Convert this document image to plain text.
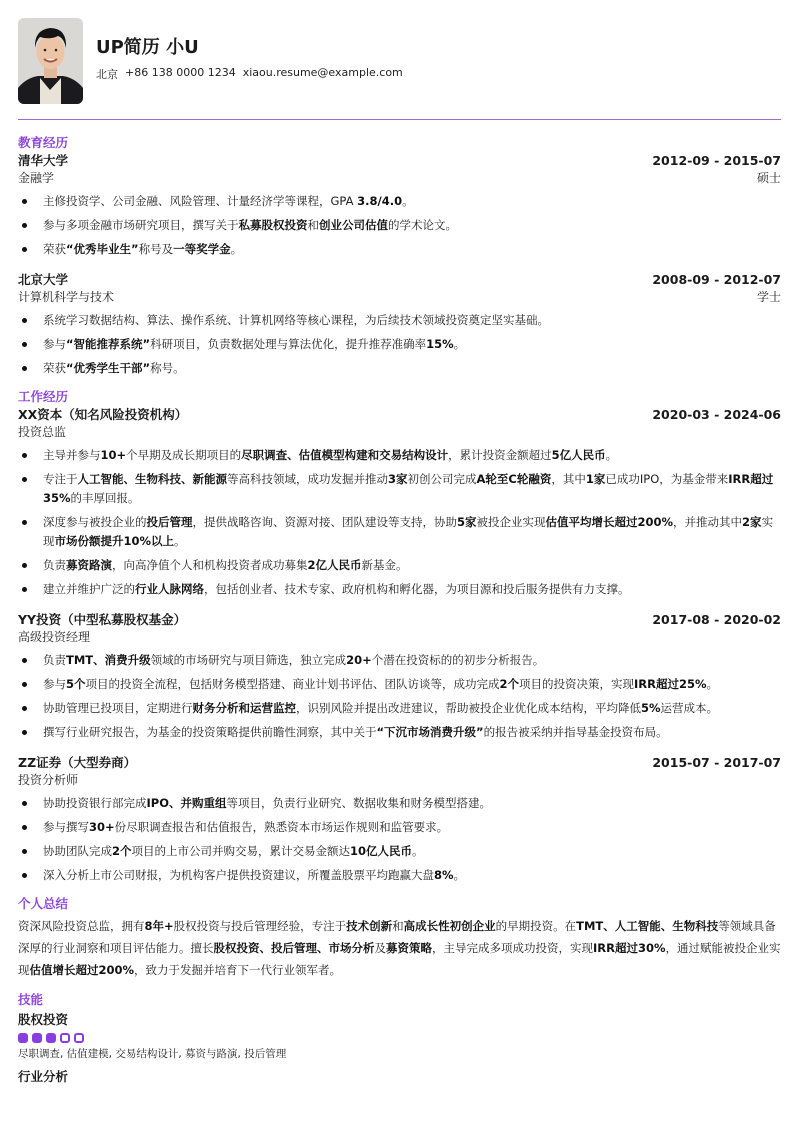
UP简历 小U
北京 +86 138 0000 1234 xiaou.resume@example.com
教育经历
清华大学	2012-09 - 2015-07
金融学	硕士
主修投资学、公司金融、风险管理、计量经济学等课程，GPA 3.8/4.0。
参与多项金融市场研究项目，撰写关于私募股权投资和创业公司估值的学术论文。
荣获“优秀毕业生”称号及一等奖学金。
北京大学	2008-09 - 2012-07
计算机科学与技术	学士
系统学习数据结构、算法、操作系统、计算机网络等核心课程，为后续技术领域投资奠定坚实基础。
参与“智能推荐系统”科研项目，负责数据处理与算法优化，提升推荐准确率15%。
荣获“优秀学生干部”称号。
工作经历
XX资本（知名风险投资机构）	2020-03 - 2024-06
投资总监
主导并参与10+个早期及成长期项目的尽职调查、估值模型构建和交易结构设计，累计投资金额超过5亿人民币。
专注于人工智能、生物科技、新能源等高科技领域，成功发掘并推动3家初创公司完成A轮至C轮融资，其中1家已成功IPO，为基金带来IRR超过35%的丰厚回报。
深度参与被投企业的投后管理，提供战略咨询、资源对接、团队建设等支持，协助5家被投企业实现估值平均增长超过200%，并推动其中2家实现市场份额提升10%以上。
负责募资路演，向高净值个人和机构投资者成功募集2亿人民币新基金。
建立并维护广泛的行业人脉网络，包括创业者、技术专家、政府机构和孵化器，为项目源和投后服务提供有力支撑。
YY投资（中型私募股权基金）	2017-08 - 2020-02
高级投资经理
负责TMT、消费升级领域的市场研究与项目筛选，独立完成20+个潜在投资标的的初步分析报告。
参与5个项目的投资全流程，包括财务模型搭建、商业计划书评估、团队访谈等，成功完成2个项目的投资决策，实现IRR超过25%。
协助管理已投项目，定期进行财务分析和运营监控，识别风险并提出改进建议，帮助被投企业优化成本结构，平均降低5%运营成本。
撰写行业研究报告，为基金的投资策略提供前瞻性洞察，其中关于“下沉市场消费升级”的报告被采纳并指导基金投资布局。
ZZ证券（大型券商）	2015-07 - 2017-07
投资分析师
协助投资银行部完成IPO、并购重组等项目，负责行业研究、数据收集和财务模型搭建。
参与撰写30+份尽职调查报告和估值报告，熟悉资本市场运作规则和监管要求。
协助团队完成2个项目的上市公司并购交易，累计交易金额达10亿人民币。
深入分析上市公司财报，为机构客户提供投资建议，所覆盖股票平均跑赢大盘8%。
个人总结
资深风险投资总监，拥有8年+股权投资与投后管理经验，专注于技术创新和高成长性初创企业的早期投资。在TMT、人工智能、生物科技等领域具备深厚的行业洞察和项目评估能力。擅长股权投资、投后管理、市场分析及募资策略，主导完成多项成功投资，实现IRR超过30%，通过赋能被投企业实现估值增长超过200%，致力于发掘并培育下一代行业领军者。
技能
股权投资
尽职调查, 估值建模, 交易结构设计, 募资与路演, 投后管理
行业分析
